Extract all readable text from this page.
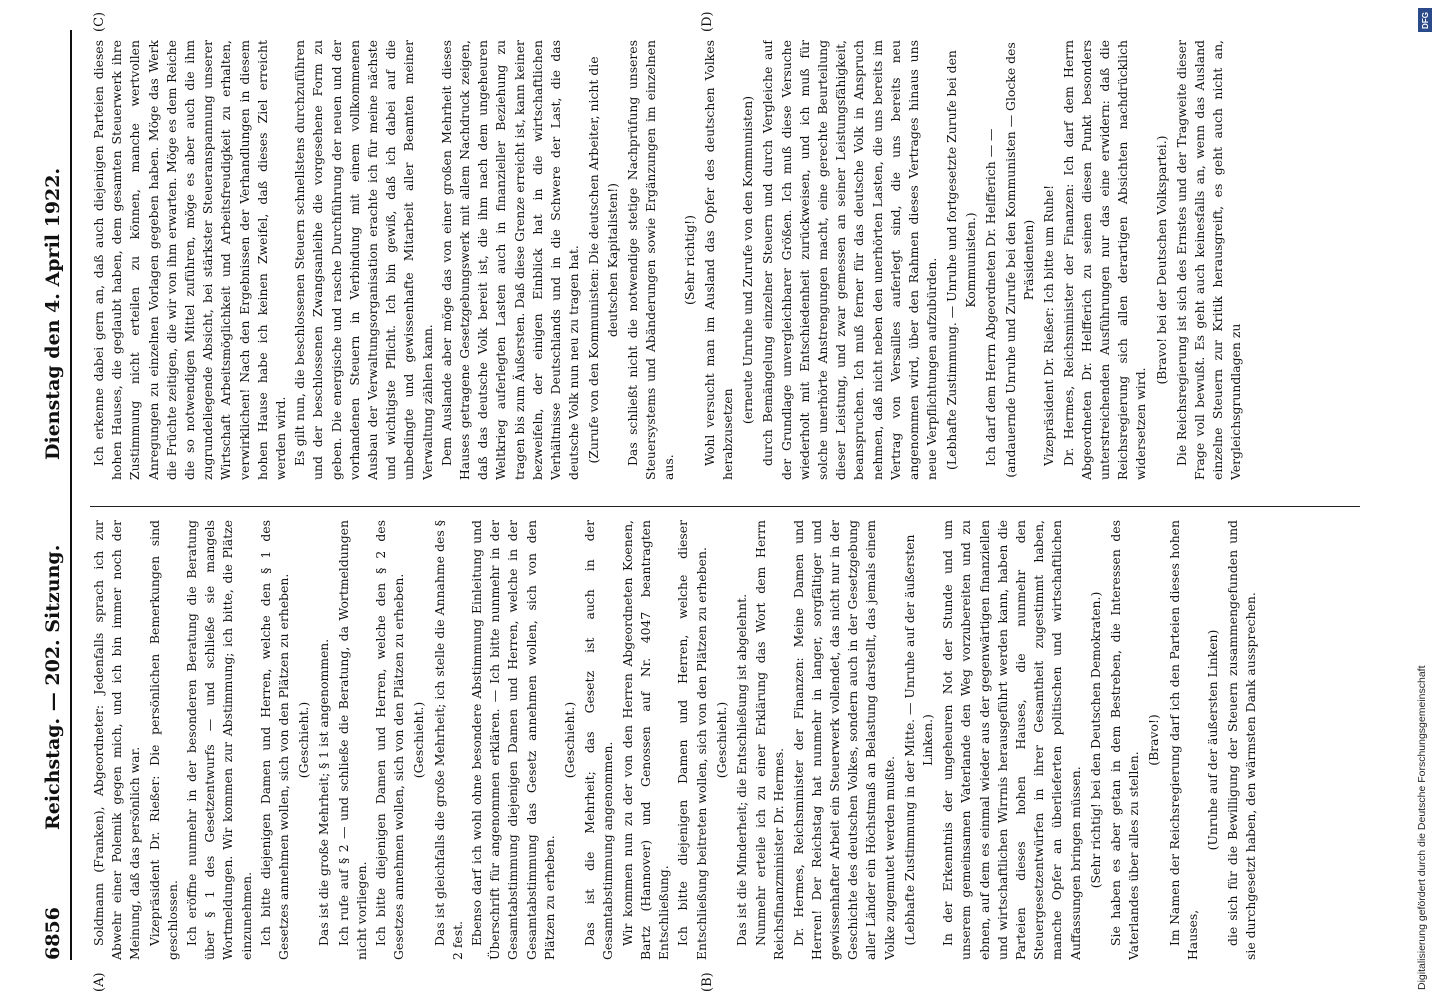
6856
Reichstag. — 202. Sitzung.
Dienstag den 4. April 1922.
(A)	(B)
(C)	(D)

Soldmann (Franken), Abgeordneter: Jedenfalls sprach ich zur Abwehr einer Polemik gegen mich, und ich bin immer noch der Meinung, daß das persönlich war. Vizepräsident Dr. Rießer: Die persönlichen Bemerkungen sind geschlossen. Ich eröffne nunmehr in der besonderen Beratung die Beratung über § 1 des Gesetzentwurfs — und schließe sie mangels Wortmeldungen. Wir kommen zur Abstimmung; ich bitte, die Plätze einzunehmen. Ich bitte diejenigen Damen und Herren, welche den § 1 des Gesetzes annehmen wollen, sich von den Plätzen zu erheben. (Geschieht.) Das ist die große Mehrheit; § 1 ist angenommen. Ich rufe auf § 2 — und schließe die Beratung, da Wortmeldungen nicht vorliegen. Ich bitte diejenigen Damen und Herren, welche den § 2 des Gesetzes annehmen wollen, sich von den Plätzen zu erheben. (Geschieht.) Das ist gleichfalls die große Mehrheit; ich stelle die Annahme des § 2 fest. Ebenso darf ich wohl ohne besondere Abstimmung Einleitung und Überschrift für angenommen erklären. — Ich bitte nunmehr in der Gesamtabstimmung diejenigen Damen und Herren, welche in der Gesamtabstimmung das Gesetz annehmen wollen, sich von den Plätzen zu erheben.

(Geschieht.) Das ist die Mehrheit; das Gesetz ist auch in der Gesamtabstimmung angenommen. Wir kommen nun zu der von den Herren Abgeordneten Koenen, Bartz (Hannover) und Genossen auf Nr. 4047 beantragten Entschließung. Ich bitte diejenigen Damen und Herren, welche dieser Entschließung beitreten wollen, sich von den Plätzen zu erheben. (Geschieht.) Das ist die Minderheit; die Entschließung ist abgelehnt. Nunmehr erteile ich zu einer Erklärung das Wort dem Herrn Reichsfinanzminister Dr. Hermes. Dr. Hermes, Reichsminister der Finanzen: Meine Damen und Herren! Der Reichstag hat nunmehr in langer, sorgfältiger und gewissenhafter Arbeit ein Steuerwerk vollendet, das nicht nur in der Geschichte des deutschen Volkes, sondern auch in der Gesetzgebung aller Länder ein Höchstmaß an Belastung darstellt, das jemals einem Volke zugemutet werden mußte. (Lebhafte Zustimmung in der Mitte. — Unruhe auf der äußersten Linken.) In der Erkenntnis der ungeheuren Not der Stunde und um unserem gemeinsamen Vaterlande den Weg vorzubereiten und zu ebnen, auf dem es einmal wieder aus der gegenwärtigen finanziellen und wirtschaftlichen Wirrnis herausgeführt werden kann, haben die Parteien dieses hohen Hauses, die nunmehr den Steuergesetzentwürfen in ihrer Gesamtheit zugestimmt haben, manche Opfer an überlieferten politischen und wirtschaftlichen Auffassungen bringen müssen. (Sehr richtig! bei den Deutschen Demokraten.) Sie haben es aber getan in dem Bestreben, die Interessen des Vaterlandes über alles zu stellen.

(Bravo!) Im Namen der Reichsregierung darf ich den Parteien dieses hohen Hauses,

(Unruhe auf der äußersten Linken) die sich für die Bewilligung der Steuern zusammengefunden und sie durchgesetzt haben, den wärmsten Dank aussprechen.

Ich erkenne dabei gern an, daß auch diejenigen Parteien dieses hohen Hauses, die geglaubt haben, dem gesamten Steuerwerk ihre Zustimmung nicht erteilen zu können, manche wertvollen Anregungen zu einzelnen Vorlagen gegeben haben. Möge das Werk die Früchte zeitigen, die wir von ihm erwarten. Möge es dem Reiche die so notwendigen Mittel zuführen, möge es aber auch die ihm zugrundeliegende Absicht, bei stärkster Steueranspannung unserer Wirtschaft Arbeitsmöglichkeit und Arbeitsfreudigkeit zu erhalten, verwirklichen! Nach den Ergebnissen der Verhandlungen in diesem hohen Hause habe ich keinen Zweifel, daß dieses Ziel erreicht werden wird. Es gilt nun, die beschlossenen Steuern schnellstens durchzuführen und der beschlossenen Zwangsanleihe die vorgesehene Form zu geben. Die energische und rasche Durchführung der neuen und der vorhandenen Steuern in Verbindung mit einem vollkommenen Ausbau der Verwaltungsorganisation erachte ich für meine nächste und wichtigste Pflicht. Ich bin gewiß, daß ich dabei auf die unbedingte und gewissenhafte Mitarbeit aller Beamten meiner Verwaltung zählen kann. Dem Auslande aber möge das von einer großen Mehrheit dieses Hauses getragene Gesetzgebungswerk mit allem Nachdruck zeigen, daß das deutsche Volk bereit ist, die ihm nach dem ungeheuren Weltkrieg auferlegten Lasten auch in finanzieller Beziehung zu tragen bis zum Äußersten. Daß diese Grenze erreicht ist, kann keiner bezweifeln, der einigen Einblick hat in die wirtschaftlichen Verhältnisse Deutschlands und in die Schwere der Last, die das deutsche Volk nun neu zu tragen hat. (Zurufe von den Kommunisten: Die deutschen Arbeiter, nicht die deutschen Kapitalisten!) Das schließt nicht die notwendige stetige Nachprüfung unseres Steuersystems und Abänderungen sowie Ergänzungen im einzelnen aus.

(Sehr richtig!) Wohl versucht man im Ausland das Opfer des deutschen Volkes herabzusetzen

(erneute Unruhe und Zurufe von den Kommunisten) durch Bemängelung einzelner Steuern und durch Vergleiche auf der Grundlage unvergleichbarer Größen. Ich muß diese Versuche wiederholt mit Entschiedenheit zurückweisen, und ich muß für solche unerhörte Anstrengungen macht, eine gerechte Beurteilung dieser Leistung, und zwar gemessen an seiner Leistungsfähigkeit, beanspruchen. Ich muß ferner für das deutsche Volk in Anspruch nehmen, daß nicht neben den unerhörten Lasten, die uns bereits im Vertrag von Versailles auferlegt sind, die uns bereits neu angenommen wird, über den Rahmen dieses Vertrages hinaus uns neue Verpflichtungen aufzubürden. (Lebhafte Zustimmung. — Unruhe und fortgesetzte Zurufe bei den Kommunisten.) Ich darf dem Herrn Abgeordneten Dr. Helfferich — — (andauernde Unruhe und Zurufe bei den Kommunisten — Glocke des Präsidenten) Vizepräsident Dr. Rießer: Ich bitte um Ruhe! Dr. Hermes, Reichsminister der Finanzen: Ich darf dem Herrn Abgeordneten Dr. Helfferich zu seinen diesen Punkt besonders unterstreichenden Ausführungen nur das eine erwidern: daß die Reichsregierung sich allen derartigen Absichten nachdrücklich widersetzen wird.

(Bravo! bei der Deutschen Volkspartei.) Die Reichsregierung ist sich des Ernstes und der Tragweite dieser Frage voll bewußt. Es geht auch keinesfalls an, wenn das Ausland einzelne Steuern zur Kritik herausgreift, es geht auch nicht an, Vergleichsgrundlagen zu

DFG
Digitalisierung gefördert durch die Deutsche Forschungsgemeinschaft
